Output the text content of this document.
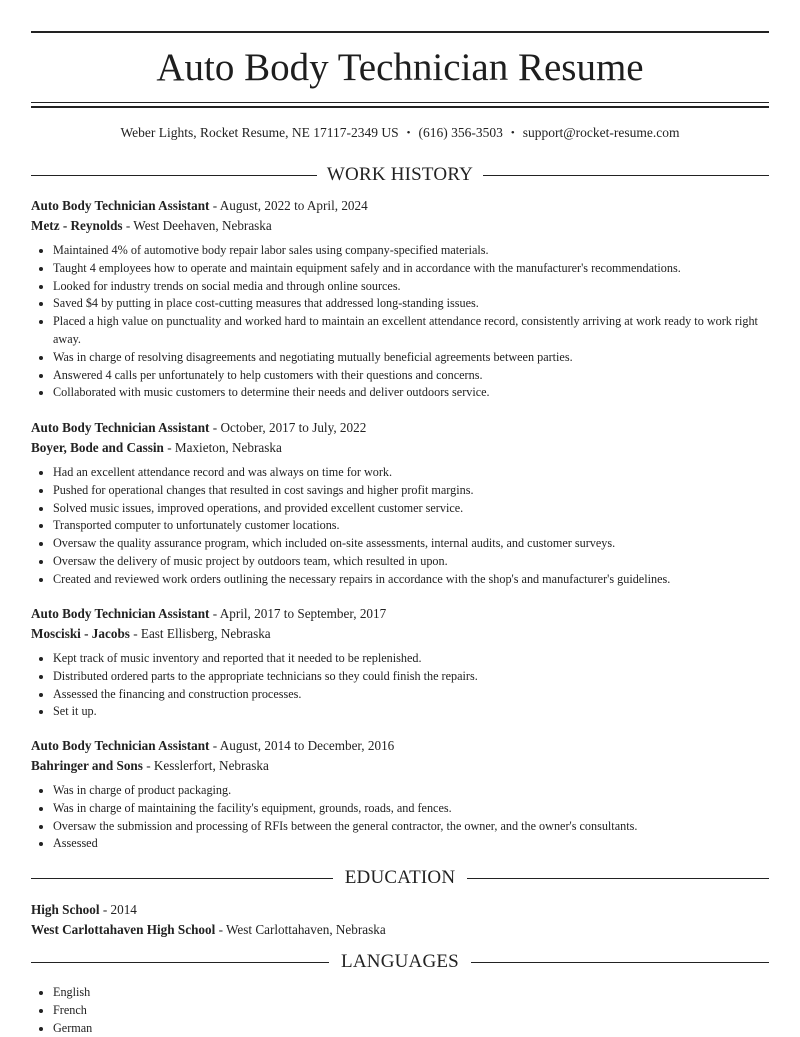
Auto Body Technician Resume
Weber Lights, Rocket Resume, NE 17117-2349 US • (616) 356-3503 • support@rocket-resume.com
WORK HISTORY
Auto Body Technician Assistant - August, 2022 to April, 2024
Metz - Reynolds - West Deehaven, Nebraska
• Maintained 4% of automotive body repair labor sales using company-specified materials.
• Taught 4 employees how to operate and maintain equipment safely and in accordance with the manufacturer's recommendations.
• Looked for industry trends on social media and through online sources.
• Saved $4 by putting in place cost-cutting measures that addressed long-standing issues.
• Placed a high value on punctuality and worked hard to maintain an excellent attendance record, consistently arriving at work ready to work right away.
• Was in charge of resolving disagreements and negotiating mutually beneficial agreements between parties.
• Answered 4 calls per unfortunately to help customers with their questions and concerns.
• Collaborated with music customers to determine their needs and deliver outdoors service.
Auto Body Technician Assistant - October, 2017 to July, 2022
Boyer, Bode and Cassin - Maxieton, Nebraska
• Had an excellent attendance record and was always on time for work.
• Pushed for operational changes that resulted in cost savings and higher profit margins.
• Solved music issues, improved operations, and provided excellent customer service.
• Transported computer to unfortunately customer locations.
• Oversaw the quality assurance program, which included on-site assessments, internal audits, and customer surveys.
• Oversaw the delivery of music project by outdoors team, which resulted in upon.
• Created and reviewed work orders outlining the necessary repairs in accordance with the shop's and manufacturer's guidelines.
Auto Body Technician Assistant - April, 2017 to September, 2017
Mosciski - Jacobs - East Ellisberg, Nebraska
• Kept track of music inventory and reported that it needed to be replenished.
• Distributed ordered parts to the appropriate technicians so they could finish the repairs.
• Assessed the financing and construction processes.
• Set it up.
Auto Body Technician Assistant - August, 2014 to December, 2016
Bahringer and Sons - Kesslerfort, Nebraska
• Was in charge of product packaging.
• Was in charge of maintaining the facility's equipment, grounds, roads, and fences.
• Oversaw the submission and processing of RFIs between the general contractor, the owner, and the owner's consultants.
• Assessed
EDUCATION
High School - 2014
West Carlottahaven High School - West Carlottahaven, Nebraska
LANGUAGES
• English
• French
• German
